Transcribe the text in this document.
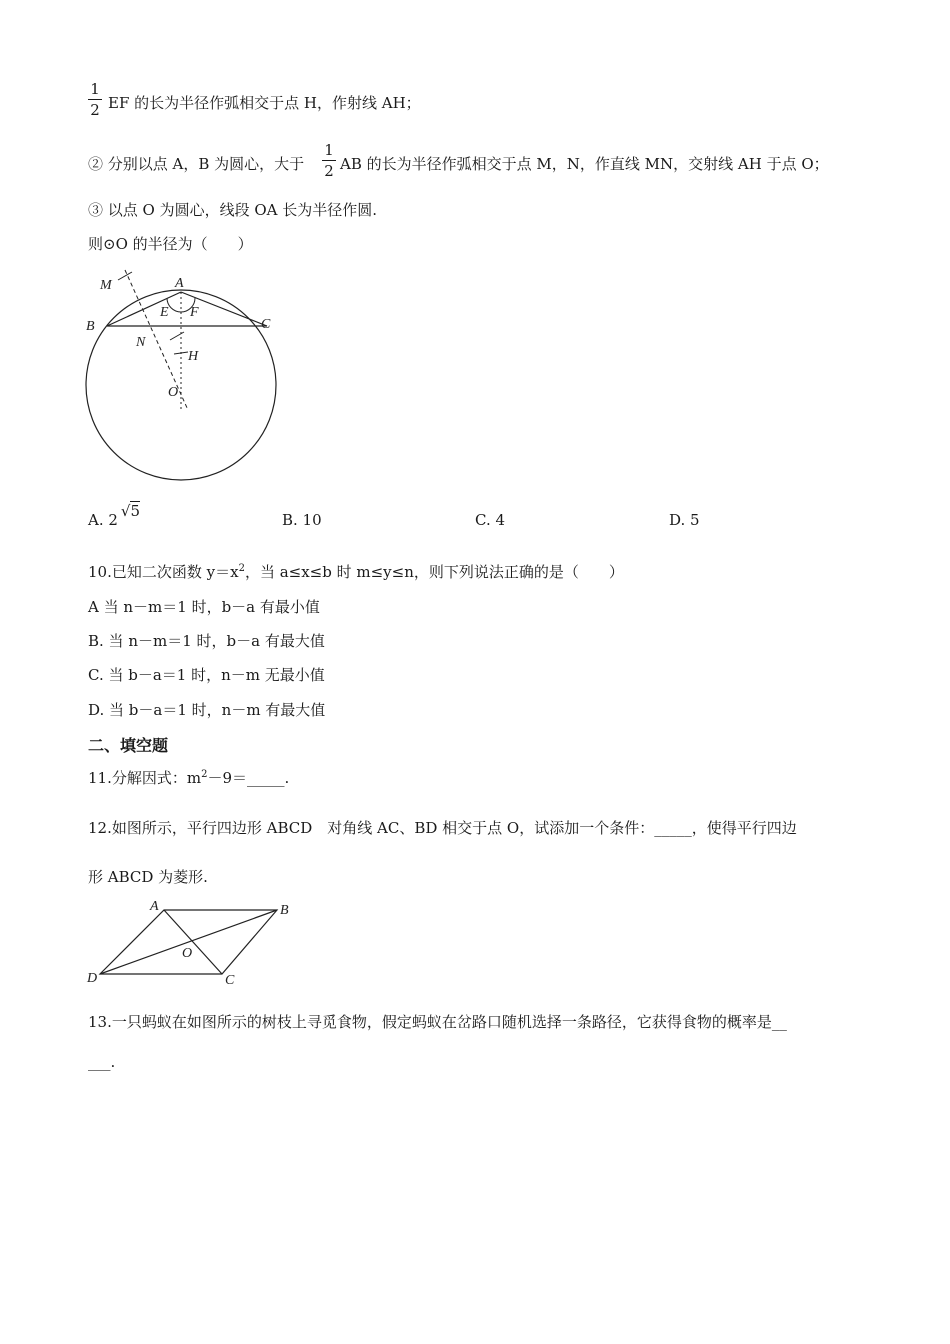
1
2 EF 的长为半径作弧相交于点 H，作射线 AH；
② 分别以点 A，B 为圆心，大于
1
2 AB 的长为半径作弧相交于点 M，N，作直线 MN，交射线 AH 于点 O；
③ 以点 O 为圆心，线段 OA 长为半径作圆.
则⊙O 的半径为（　　）
M	A
E F
B	C
N
H
O
A. 2 √5	B. 10	C. 4	D. 5
10.已知二次函数 $y=x^2$，当 a≤x≤b 时 m≤y≤n，则下列说法正确的是（　　）
A 当 n－m＝1 时，b－a 有最小值
B. 当 n－m＝1 时，b－a 有最大值
C. 当 b－a＝1 时，n－m 无最小值
D. 当 b－a＝1 时，n－m 有最大值
二、填空题
11.分解因式：$m^2-9=\_\_\_\_\_$.
12.如图所示，平行四边形 ABCD　对角线 AC、BD 相交于点 O，试添加一个条件：_____，使得平行四边
形 ABCD 为菱形.
A	B
O
D	C
13.一只蚂蚁在如图所示的树枝上寻觅食物，假定蚂蚁在岔路口随机选择一条路径，它获得食物的概率是__
___.
